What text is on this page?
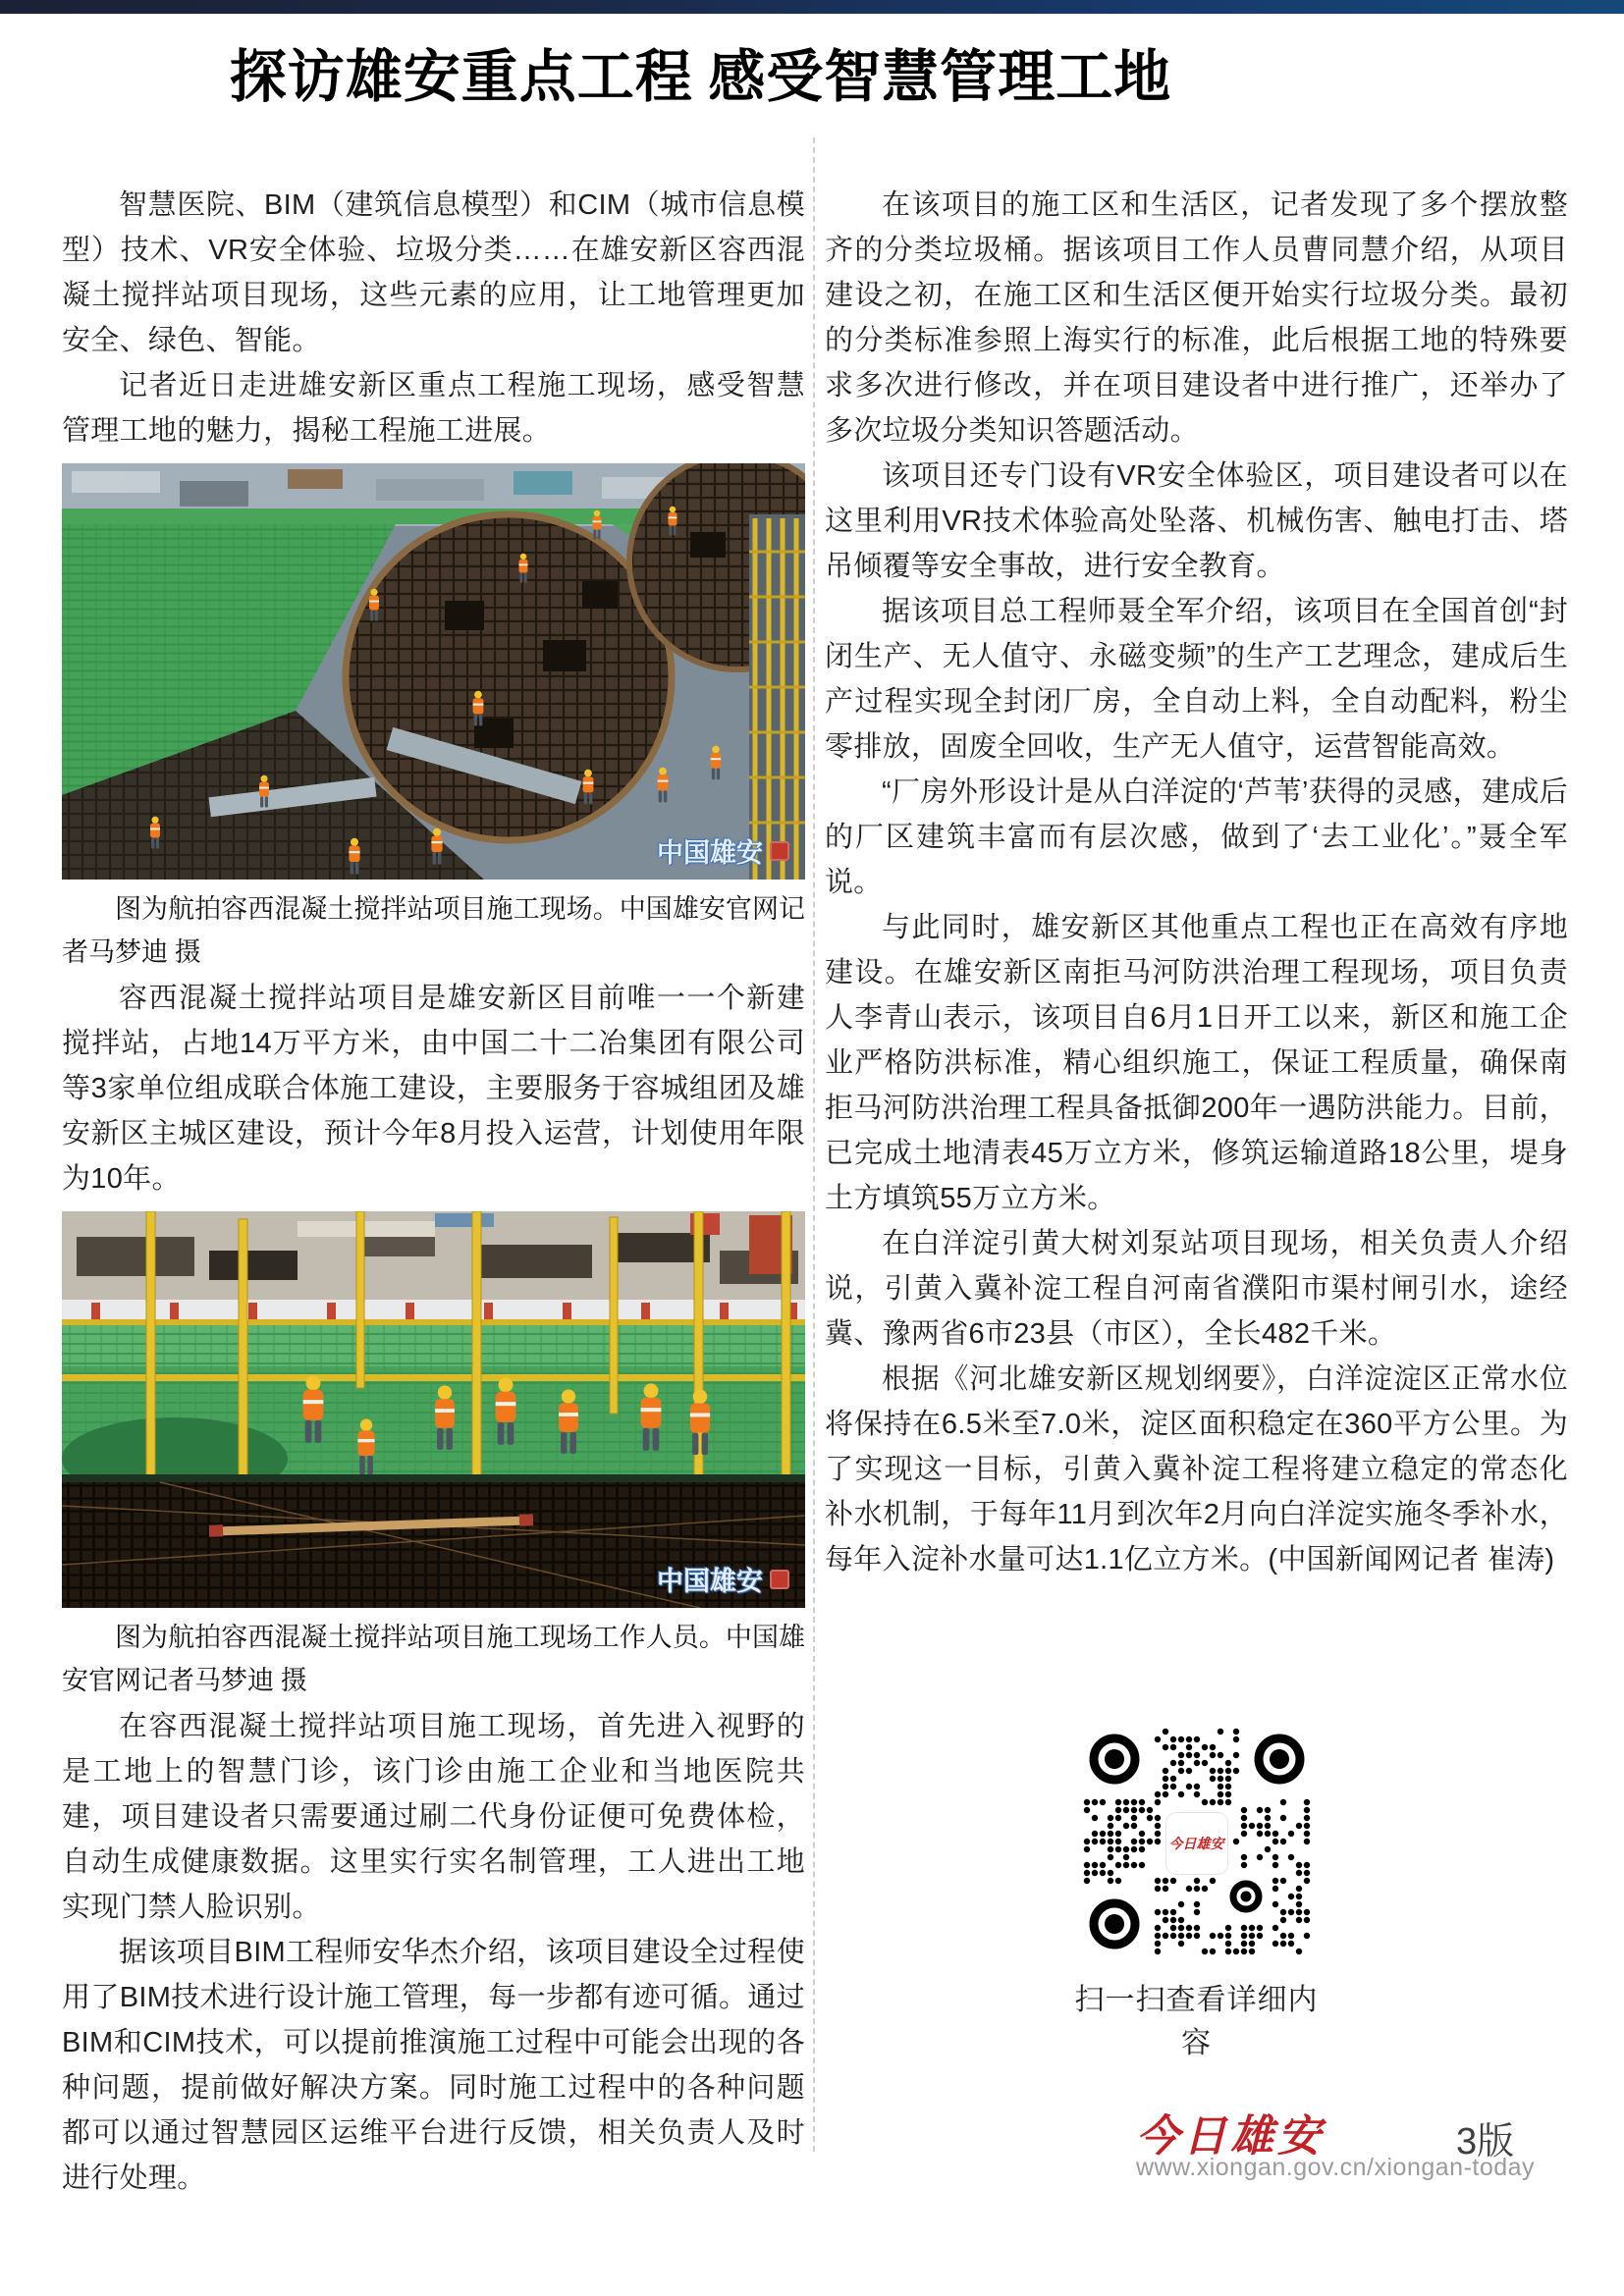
探访雄安重点工程 感受智慧管理工地

智慧医院、BIM（建筑信息模型）和CIM（城市信息模型）技术、VR安全体验、垃圾分类……在雄安新区容西混凝土搅拌站项目现场，这些元素的应用，让工地管理更加安全、绿色、智能。

记者近日走进雄安新区重点工程施工现场，感受智慧管理工地的魅力，揭秘工程施工进展。

中国雄安

图为航拍容西混凝土搅拌站项目施工现场。中国雄安官网记者马梦迪 摄

容西混凝土搅拌站项目是雄安新区目前唯一一个新建搅拌站，占地14万平方米，由中国二十二冶集团有限公司等3家单位组成联合体施工建设，主要服务于容城组团及雄安新区主城区建设，预计今年8月投入运营，计划使用年限为10年。

中国雄安

图为航拍容西混凝土搅拌站项目施工现场工作人员。中国雄安官网记者马梦迪 摄

在容西混凝土搅拌站项目施工现场，首先进入视野的是工地上的智慧门诊，该门诊由施工企业和当地医院共建，项目建设者只需要通过刷二代身份证便可免费体检，自动生成健康数据。这里实行实名制管理，工人进出工地实现门禁人脸识别。

据该项目BIM工程师安华杰介绍，该项目建设全过程使用了BIM技术进行设计施工管理，每一步都有迹可循。通过BIM和CIM技术，可以提前推演施工过程中可能会出现的各种问题，提前做好解决方案。同时施工过程中的各种问题都可以通过智慧园区运维平台进行反馈，相关负责人及时进行处理。

在该项目的施工区和生活区，记者发现了多个摆放整齐的分类垃圾桶。据该项目工作人员曹同慧介绍，从项目建设之初，在施工区和生活区便开始实行垃圾分类。最初的分类标准参照上海实行的标准，此后根据工地的特殊要求多次进行修改，并在项目建设者中进行推广，还举办了多次垃圾分类知识答题活动。

该项目还专门设有VR安全体验区，项目建设者可以在这里利用VR技术体验高处坠落、机械伤害、触电打击、塔吊倾覆等安全事故，进行安全教育。

据该项目总工程师聂全军介绍，该项目在全国首创“封闭生产、无人值守、永磁变频”的生产工艺理念，建成后生产过程实现全封闭厂房，全自动上料，全自动配料，粉尘零排放，固废全回收，生产无人值守，运营智能高效。

“厂房外形设计是从白洋淀的‘芦苇’获得的灵感，建成后的厂区建筑丰富而有层次感，做到了‘去工业化’。”聂全军说。

与此同时，雄安新区其他重点工程也正在高效有序地建设。在雄安新区南拒马河防洪治理工程现场，项目负责人李青山表示，该项目自6月1日开工以来，新区和施工企业严格防洪标准，精心组织施工，保证工程质量，确保南拒马河防洪治理工程具备抵御200年一遇防洪能力。目前，已完成土地清表45万立方米，修筑运输道路18公里，堤身土方填筑55万立方米。

在白洋淀引黄大树刘泵站项目现场，相关负责人介绍说，引黄入冀补淀工程自河南省濮阳市渠村闸引水，途经冀、豫两省6市23县（市区），全长482千米。

根据《河北雄安新区规划纲要》，白洋淀淀区正常水位将保持在6.5米至7.0米，淀区面积稳定在360平方公里。为了实现这一目标，引黄入冀补淀工程将建立稳定的常态化补水机制，于每年11月到次年2月向白洋淀实施冬季补水，每年入淀补水量可达1.1亿立方米。(中国新闻网记者 崔涛)

今日雄安
扫一扫查看详细内容
今日雄安
www.xiongan.gov.cn/xiongan-today
3版
